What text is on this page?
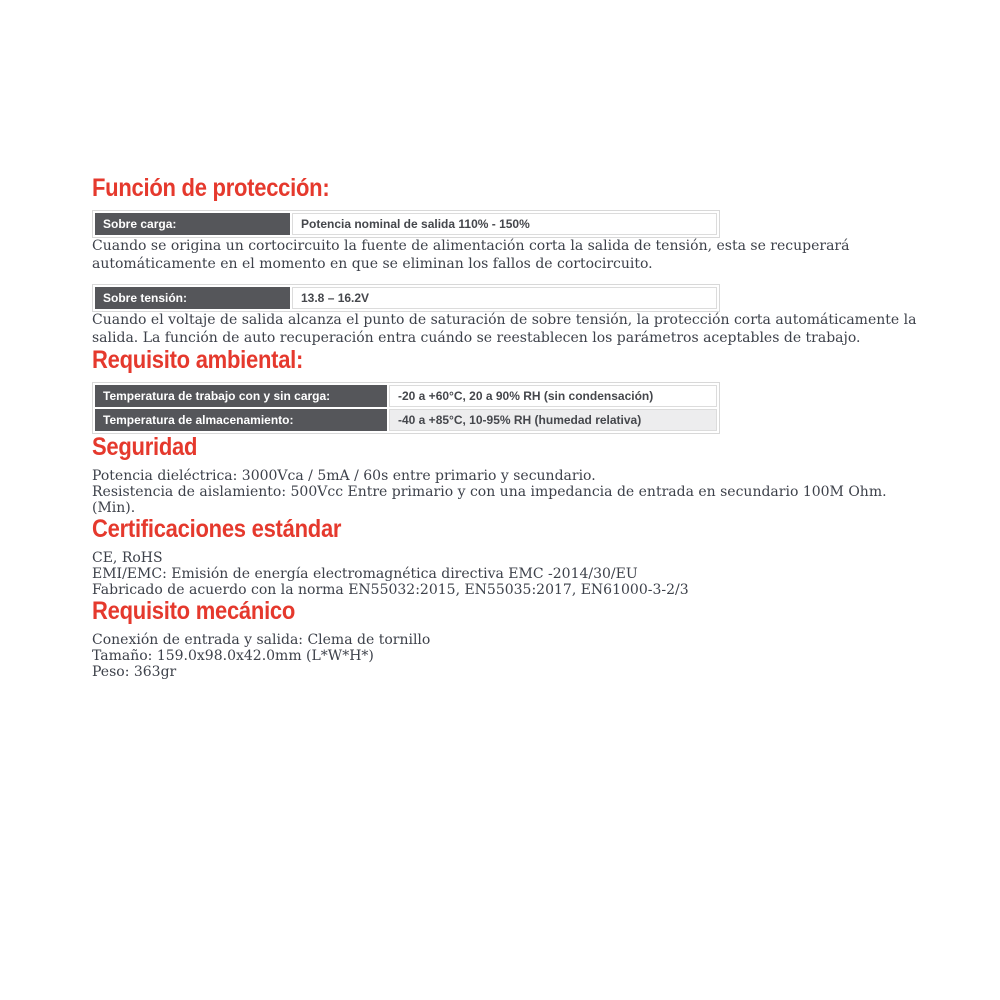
Función de protección:
Sobre carga:	Potencia nominal de salida 110% - 150%

Cuando se origina un cortocircuito la fuente de alimentación corta la salida de tensión, esta se recuperará automáticamente en el momento en que se eliminan los fallos de cortocircuito.

Sobre tensión:	13.8 – 16.2V

Cuando el voltaje de salida alcanza el punto de saturación de sobre tensión, la protección corta automáticamente la salida. La función de auto recuperación entra cuándo se reestablecen los parámetros aceptables de trabajo.

Requisito ambiental:
Temperatura de trabajo con y sin carga:	-20 a +60°C, 20 a 90% RH (sin condensación)
Temperatura de almacenamiento:	-40 a +85°C, 10-95% RH (humedad relativa)
Seguridad
Potencia dieléctrica: 3000Vca / 5mA / 60s entre primario y secundario.
Resistencia de aislamiento: 500Vcc Entre primario y con una impedancia de entrada en secundario 100M Ohm. (Min).
Certificaciones estándar
CE, RoHS
EMI/EMC: Emisión de energía electromagnética directiva EMC -2014/30/EU
Fabricado de acuerdo con la norma EN55032:2015, EN55035:2017, EN61000-3-2/3
Requisito mecánico
Conexión de entrada y salida: Clema de tornillo
Tamaño: 159.0x98.0x42.0mm (L*W*H*)
Peso: 363gr
